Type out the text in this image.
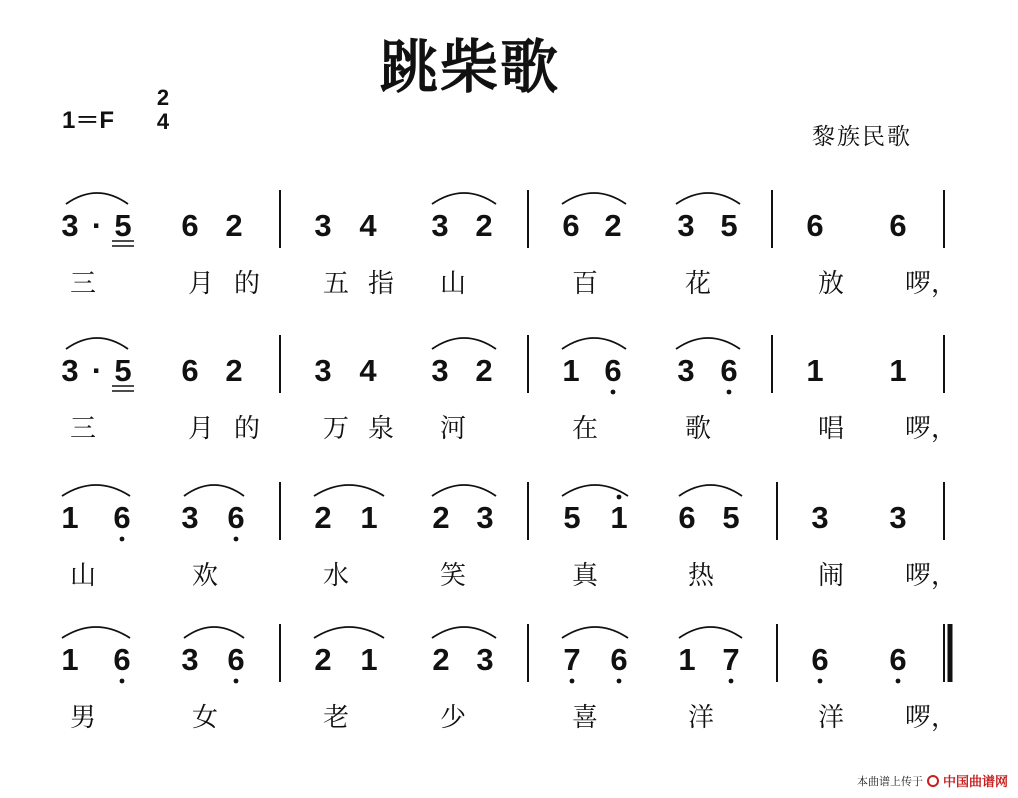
跳柴歌
1＝F
2
4
黎族民歌
3 · 5 6 2 3 4 3 2 6 2 3 5 6 6
三	月 的 五 指 山	百	花	放 啰，
3 · 5 6 2 3 4 3 2 1 6 3 6 1 1
三	月 的 万 泉 河	在	歌	唱 啰，
1 6 3 6 2 1 2 3 5 1 6 5 3 3
山	欢	水	笑	真	热	闹 啰，
1 6 3 6 2 1 2 3 7 6 1 7 6 6
男	女	老	少	喜	洋	洋 啰，
本曲谱上传于 中国曲谱网
